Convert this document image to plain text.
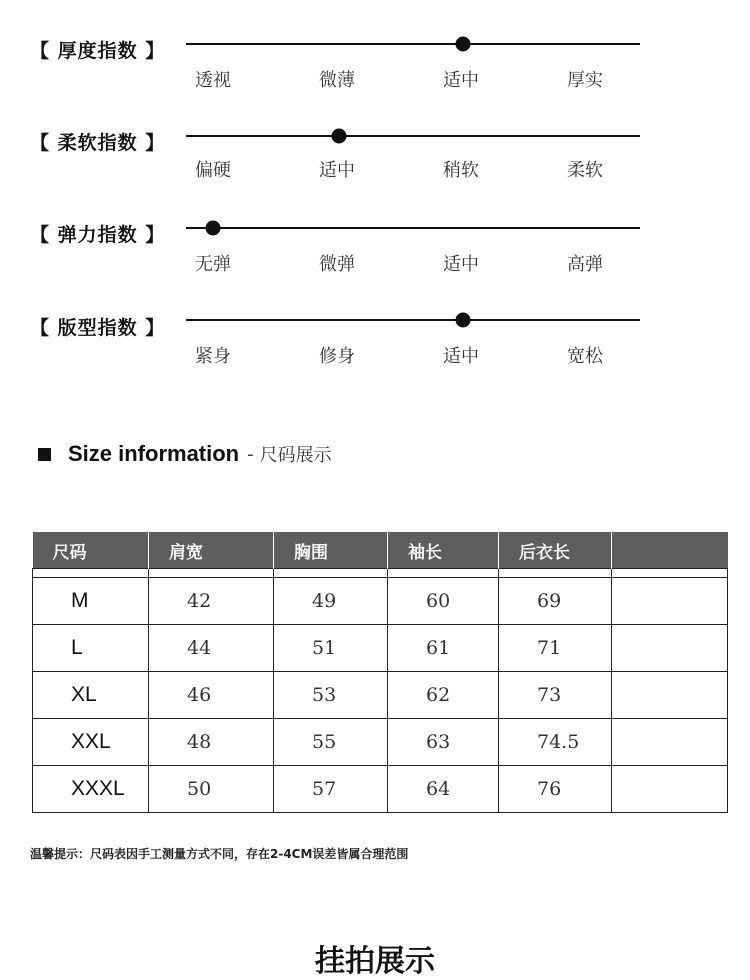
【 厚度指数 】
透视	微薄	适中	厚实
【 柔软指数 】
偏硬	适中	稍软	柔软
【 弹力指数 】
无弹	微弹	适中	高弹
【 版型指数 】
紧身	修身	适中	宽松
Size information - 尺码展示
尺码	肩宽	胸围	袖长	后衣长	

M	42	49	60	69	
L	44	51	61	71	
XL	46	53	62	73	
XXL	48	55	63	74.5	
XXXL	50	57	64	76	
温馨提示：尺码表因手工测量方式不同，存在2-4CM误差皆属合理范围
挂拍展示
